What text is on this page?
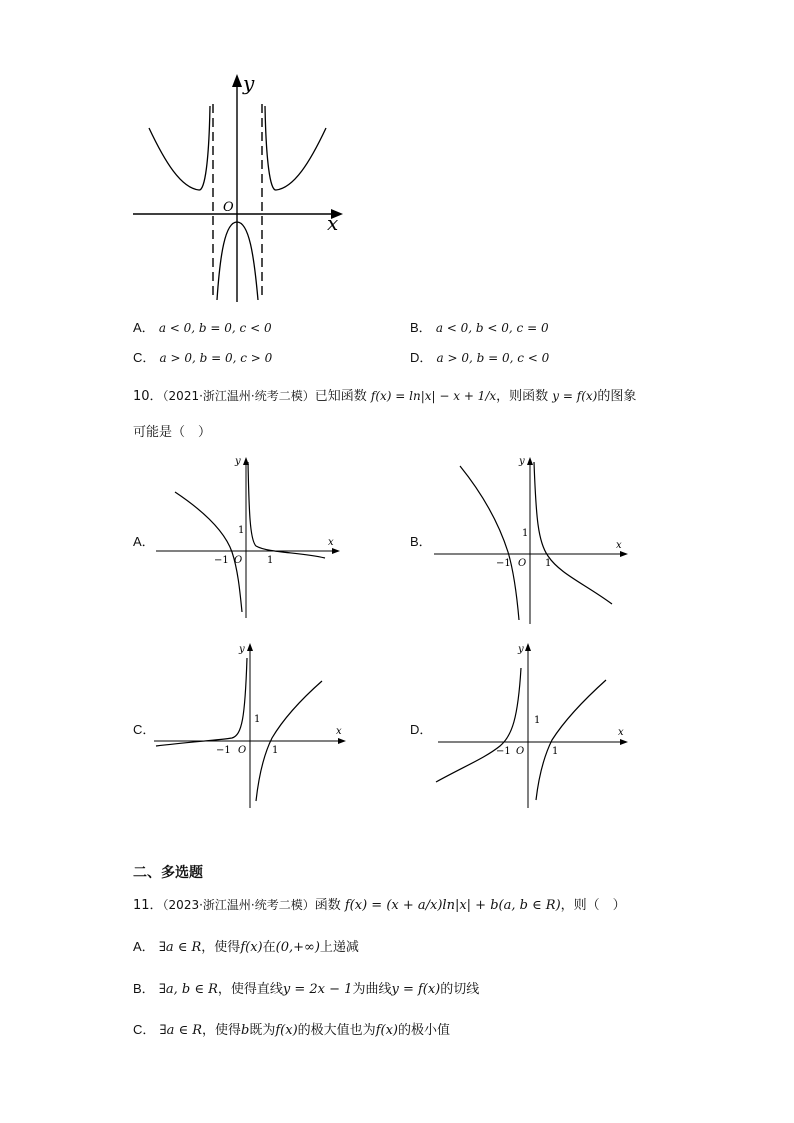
y
x
O
A． a < 0, b = 0, c < 0	B． a < 0, b < 0, c = 0
C． a > 0, b = 0, c > 0	D． a > 0, b = 0, c < 0
10．（2021·浙江温州·统考二模）已知函数 f(x) = ln|x| − x + 1/x，则函数 y = f(x)的图象
可能是（　）
A．
y
x
O
−1	1
1
B．
y
x
O
−1	1
1
C．
y
x
O
−1	1
1
D．
y
x
O
−1	1
1
二、多选题
11．（2023·浙江温州·统考二模）函数 f(x) = (x + a/x)ln|x| + b(a, b ∈ R)，则（　）
A． ∃a ∈ R，使得f(x)在(0,+∞)上递减
B． ∃a, b ∈ R，使得直线y = 2x − 1为曲线y = f(x)的切线
C． ∃a ∈ R，使得b既为f(x)的极大值也为f(x)的极小值
